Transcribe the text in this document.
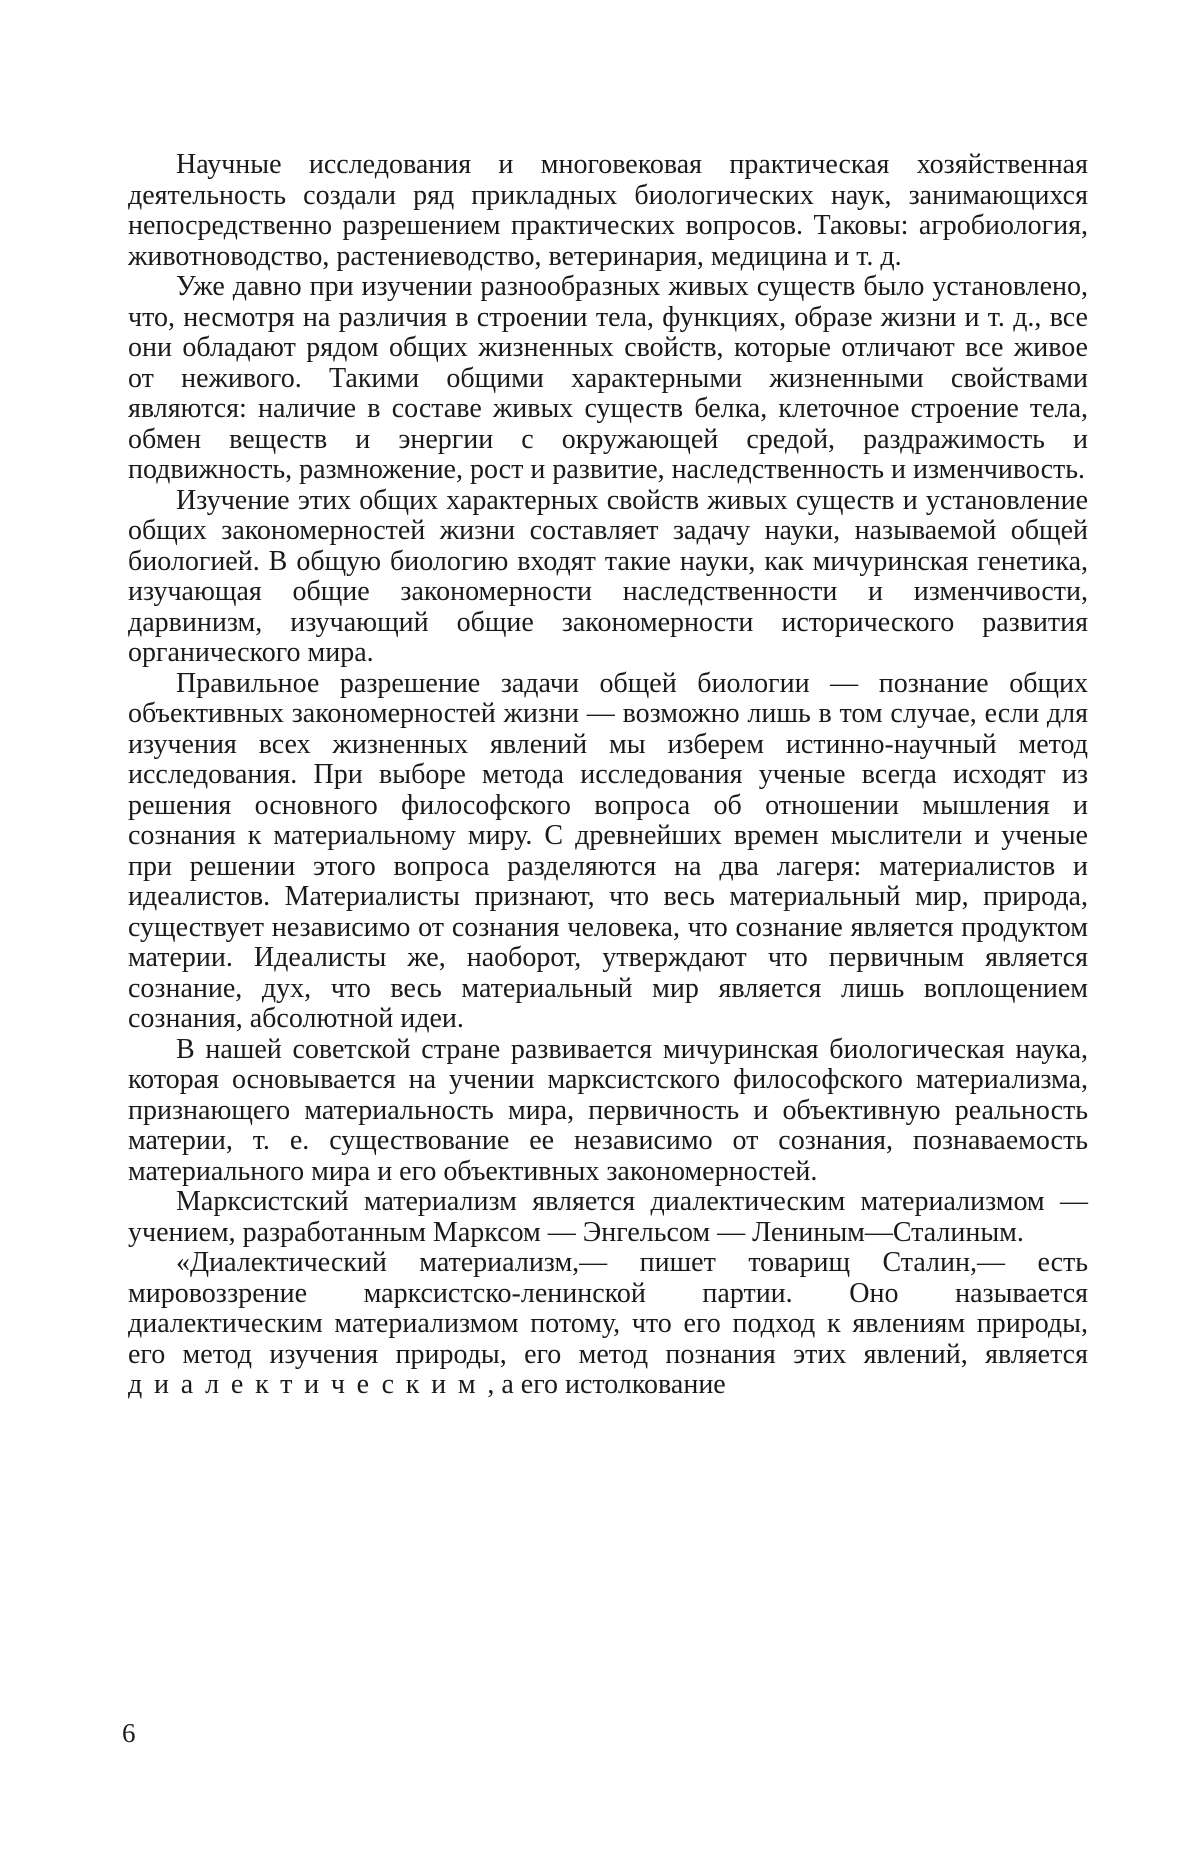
Научные исследования и многовековая практическая хозяйственная деятельность создали ряд прикладных биологических наук, занимающихся непосредственно разрешением практических вопросов. Таковы: агробиология, животноводство, растениеводство, ветеринария, медицина и т. д.

Уже давно при изучении разнообразных живых существ было установлено, что, несмотря на различия в строении тела, функциях, образе жизни и т. д., все они обладают рядом общих жизненных свойств, которые отличают все живое от неживого. Такими общими характерными жизненными свойствами являются: наличие в составе живых существ белка, клеточное строение тела, обмен веществ и энергии с окружающей средой, раздражимость и подвижность, размножение, рост и развитие, наследственность и изменчивость.

Изучение этих общих характерных свойств живых существ и установление общих закономерностей жизни составляет задачу науки, называемой общей биологией. В общую биологию входят такие науки, как мичуринская генетика, изучающая общие закономерности наследственности и изменчивости, дарвинизм, изучающий общие закономерности исторического развития органического мира.

Правильное разрешение задачи общей биологии — познание общих объективных закономерностей жизни — возможно лишь в том случае, если для изучения всех жизненных явлений мы изберем истинно-научный метод исследования. При выборе метода исследования ученые всегда исходят из решения основного философского вопроса об отношении мышления и сознания к материальному миру. С древнейших времен мыслители и ученые при решении этого вопроса разделяются на два лагеря: материалистов и идеалистов. Материалисты признают, что весь материальный мир, природа, существует независимо от сознания человека, что сознание является продуктом материи. Идеалисты же, наоборот, утверждают что первичным является сознание, дух, что весь материальный мир является лишь воплощением сознания, абсолютной идеи.

В нашей советской стране развивается мичуринская биологическая наука, которая основывается на учении марксистского философского материализма, признающего материальность мира, первичность и объективную реальность материи, т. е. существование ее независимо от сознания, познаваемость материального мира и его объективных закономерностей.

Марксистский материализм является диалектическим материализмом — учением, разработанным Марксом — Энгельсом — Лениным—Сталиным.

«Диалектический материализм,— пишет товарищ Сталин,— есть мировоззрение марксистско-ленинской партии. Оно называется диалектическим материализмом потому, что его подход к явлениям природы, его метод изучения природы, его метод познания этих явлений, является диалектическим, а его истолкование

6
